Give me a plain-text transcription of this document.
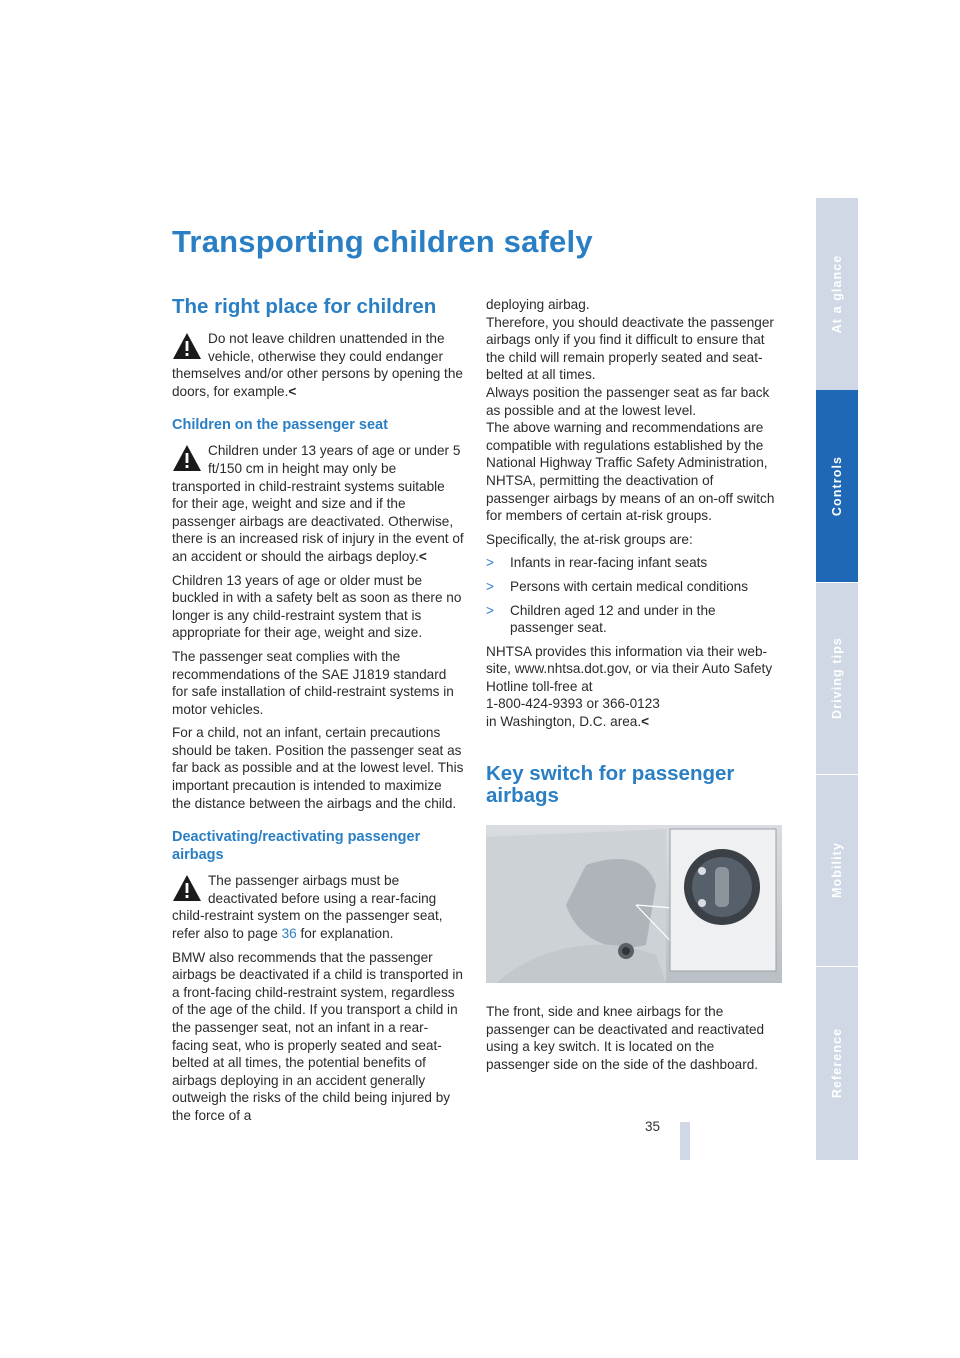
Transporting children safely
The right place for children
Do not leave children unattended in the vehicle, otherwise they could endanger themselves and/or other persons by opening the doors, for example.<
Children on the passenger seat
Children under 13 years of age or under 5 ft/150 cm in height may only be transported in child-restraint systems suitable for their age, weight and size and if the passenger airbags are deactivated. Otherwise, there is an increased risk of injury in the event of an accident or should the airbags deploy.<

Children 13 years of age or older must be buckled in with a safety belt as soon as there no longer is any child-restraint system that is appropriate for their age, weight and size.

The passenger seat complies with the recommendations of the SAE J1819 standard for safe installation of child-restraint systems in motor vehicles.

For a child, not an infant, certain precautions should be taken. Position the passenger seat as far back as possible and at the lowest level. This important precaution is intended to maximize the distance between the airbags and the child.

Deactivating/reactivating passenger airbags
The passenger airbags must be deactivated before using a rear-facing child-restraint system on the passenger seat, refer also to page 36 for explanation.

BMW also recommends that the passenger airbags be deactivated if a child is transported in a front-facing child-restraint system, regardless of the age of the child. If you transport a child in the passenger seat, not an infant in a rear-facing seat, who is properly seated and seat-belted at all times, the potential benefits of airbags deploying in an accident generally outweigh the risks of the child being injured by the force of a

deploying airbag.

Therefore, you should deactivate the passenger airbags only if you find it difficult to ensure that the child will remain properly seated and seat-belted at all times.

Always position the passenger seat as far back as possible and at the lowest level.

The above warning and recommendations are compatible with regulations established by the National Highway Traffic Safety Administration, NHTSA, permitting the deactivation of passenger airbags by means of an on-off switch for members of certain at-risk groups.

Specifically, the at-risk groups are:

> Infants in rear-facing infant seats
> Persons with certain medical conditions
> Children aged 12 and under in the passenger seat.

NHTSA provides this information via their web-site, www.nhtsa.dot.gov, or via their Auto Safety Hotline toll-free at

1-800-424-9393 or 366-0123

in Washington, D.C. area.<

Key switch for passenger airbags

The front, side and knee airbags for the passenger can be deactivated and reactivated using a key switch. It is located on the passenger side on the side of the dashboard.

At a glance
Controls
Driving tips
Mobility
Reference
35
